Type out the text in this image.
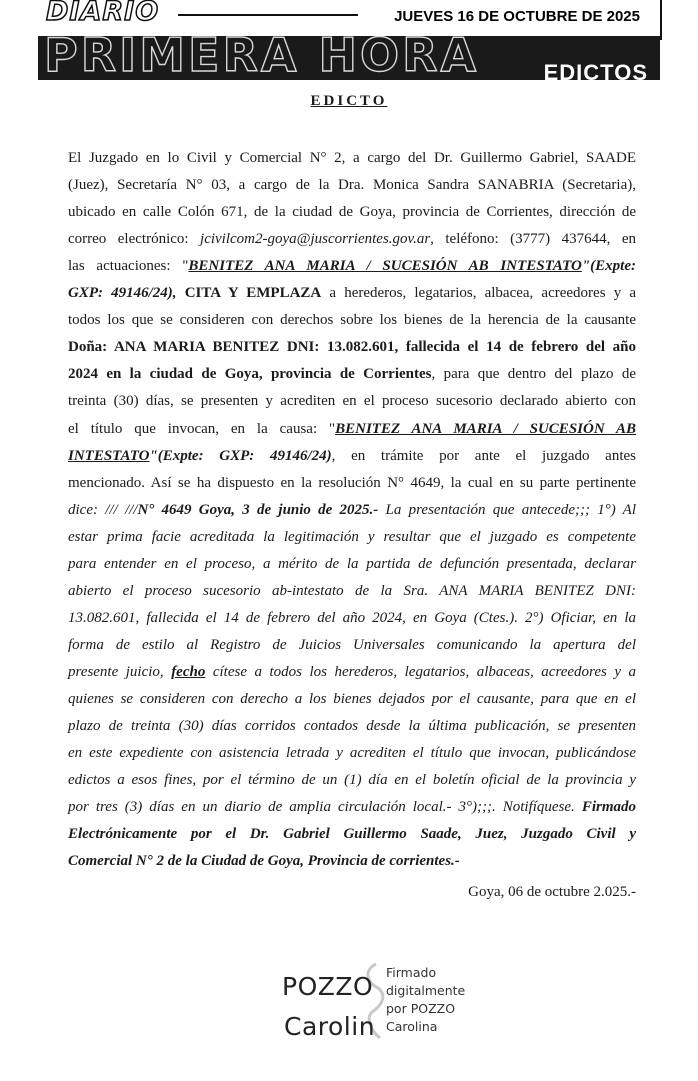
DIARIO	JUEVES 16 DE OCTUBRE DE 2025
PRIMERA HORA	EDICTOS
EDICTO
El Juzgado en lo Civil y Comercial N° 2, a cargo del Dr. Guillermo Gabriel, SAADE
(Juez), Secretaría N° 03, a cargo de la Dra. Monica Sandra SANABRIA (Secretaria),
ubicado en calle Colón 671, de la ciudad de Goya, provincia de Corrientes, dirección de
correo electrónico: jcivilcom2-goya@juscorrientes.gov.ar, teléfono: (3777) 437644, en
las actuaciones: "BENITEZ ANA MARIA / SUCESIÓN AB INTESTATO"(Expte:
GXP: 49146/24), CITA Y EMPLAZA a herederos, legatarios, albacea, acreedores y a
todos los que se consideren con derechos sobre los bienes de la herencia de la causante
Doña: ANA MARIA BENITEZ DNI: 13.082.601, fallecida el 14 de febrero del año
2024 en la ciudad de Goya, provincia de Corrientes, para que dentro del plazo de
treinta (30) días, se presenten y acrediten en el proceso sucesorio declarado abierto con
el título que invocan, en la causa: "BENITEZ ANA MARIA / SUCESIÓN AB
INTESTATO"(Expte: GXP: 49146/24), en trámite por ante el juzgado antes
mencionado. Así se ha dispuesto en la resolución N° 4649, la cual en su parte pertinente
dice: /// ///N° 4649 Goya, 3 de junio de 2025.- La presentación que antecede;;; 1°) Al
estar prima facie acreditada la legitimación y resultar que el juzgado es competente
para entender en el proceso, a mérito de la partida de defunción presentada, declarar
abierto el proceso sucesorio ab-intestato de la Sra. ANA MARIA BENITEZ DNI:
13.082.601, fallecida el 14 de febrero del año 2024, en Goya (Ctes.). 2°) Oficiar, en la
forma de estilo al Registro de Juicios Universales comunicando la apertura del
presente juicio, fecho cítese a todos los herederos, legatarios, albaceas, acreedores y a
quienes se consideren con derecho a los bienes dejados por el causante, para que en el
plazo de treinta (30) días corridos contados desde la última publicación, se presenten
en este expediente con asistencia letrada y acrediten el título que invocan, publicándose
edictos a esos fines, por el término de un (1) día en el boletín oficial de la provincia y
por tres (3) días en un diario de amplia circulación local.- 3°);;;. Notifíquese. Firmado
Electrónicamente por el Dr. Gabriel Guillermo Saade, Juez, Juzgado Civil y
Comercial N° 2 de la Ciudad de Goya, Provincia de corrientes.-
Goya, 06 de octubre 2.025.-
POZZO
Carolin
Firmado
digitalmente
por POZZO
Carolina
